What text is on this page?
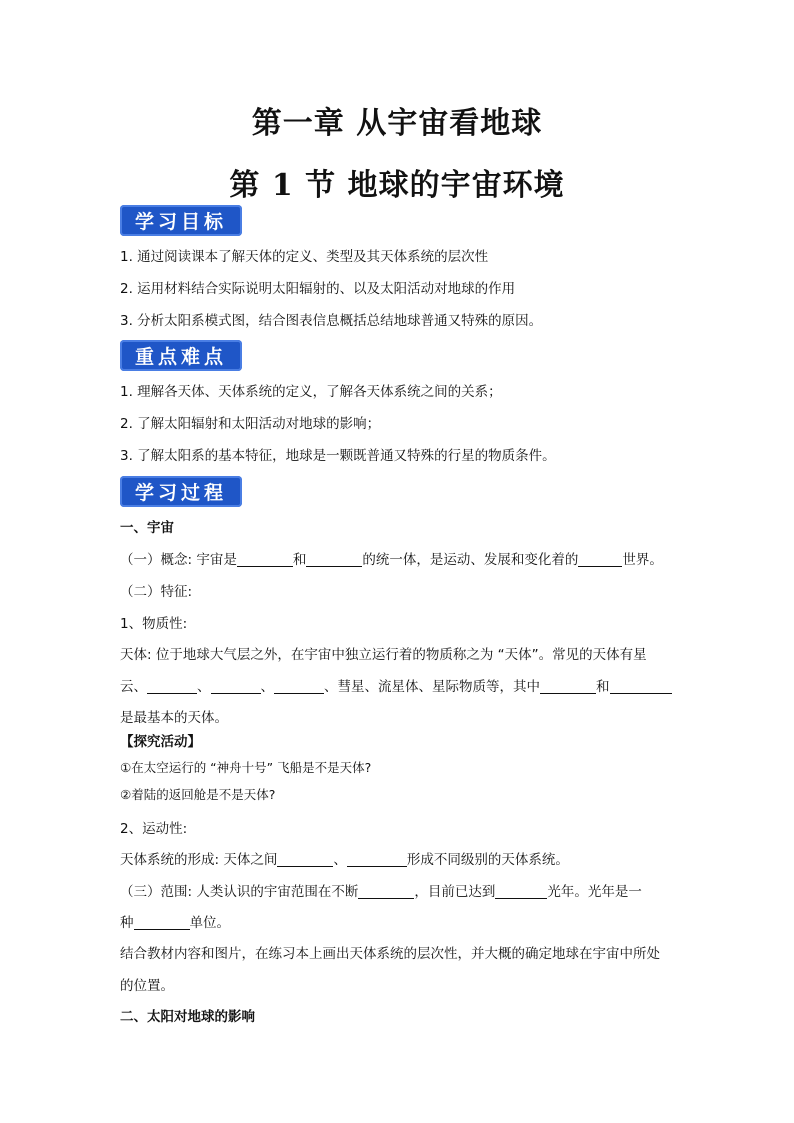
第一章 从宇宙看地球
第 1 节 地球的宇宙环境
学习目标
1. 通过阅读课本了解天体的定义、类型及其天体系统的层次性
2. 运用材料结合实际说明太阳辐射的、以及太阳活动对地球的作用
3. 分析太阳系模式图，结合图表信息概括总结地球普通又特殊的原因。
重点难点
1. 理解各天体、天体系统的定义，了解各天体系统之间的关系；
2. 了解太阳辐射和太阳活动对地球的影响；
3. 了解太阳系的基本特征，地球是一颗既普通又特殊的行星的物质条件。
学习过程
一、宇宙
（一）概念: 宇宙是	和	的统一体，是运动、发展和变化着的	世界。
（二）特征:
1、物质性:
天体: 位于地球大气层之外，在宇宙中独立运行着的物质称之为 “天体”。常见的天体有星
云、	、	、	、彗星、流星体、星际物质等，其中	和
是最基本的天体。
【探究活动】
①在太空运行的 “神舟十号” 飞船是不是天体?
②着陆的返回舱是不是天体?
2、运动性:
天体系统的形成: 天体之间	、	形成不同级别的天体系统。
（三）范围: 人类认识的宇宙范围在不断	，目前已达到	光年。光年是一
种	单位。
结合教材内容和图片，在练习本上画出天体系统的层次性，并大概的确定地球在宇宙中所处
的位置。
二、太阳对地球的影响
